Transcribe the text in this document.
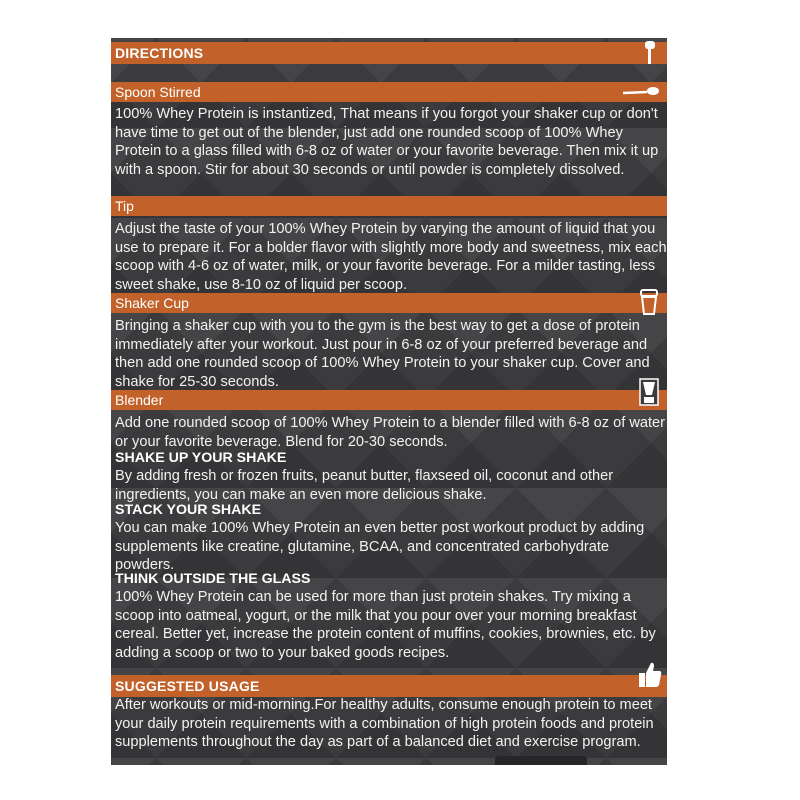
DIRECTIONS
Spoon Stirred

100% Whey Protein is instantized, That means if you forgot your shaker cup or don't have time to get out of the blender, just add one rounded scoop of 100% Whey Protein to a glass filled with 6-8 oz of water or your favorite beverage. Then mix it up with a spoon. Stir for about 30 seconds or until powder is completely dissolved.

Tip

Adjust the taste of your 100% Whey Protein by varying the amount of liquid that you use to prepare it. For a bolder flavor with slightly more body and sweetness, mix each scoop with 4-6 oz of water, milk, or your favorite beverage. For a milder tasting, less sweet shake, use 8-10 oz of liquid per scoop.

Shaker Cup

Bringing a shaker cup with you to the gym is the best way to get a dose of protein immediately after your workout. Just pour in 6-8 oz of your preferred beverage and then add one rounded scoop of 100% Whey Protein to your shaker cup. Cover and shake for 25-30 seconds.

Blender

Add one rounded scoop of 100% Whey Protein to a blender filled with 6-8 oz of water or your favorite beverage. Blend for 20-30 seconds.

SHAKE UP YOUR SHAKE

By adding fresh or frozen fruits, peanut butter, flaxseed oil, coconut and other ingredients, you can make an even more delicious shake.

STACK YOUR SHAKE

You can make 100% Whey Protein an even better post workout product by adding supplements like creatine, glutamine, BCAA, and concentrated carbohydrate powders.

THINK OUTSIDE THE GLASS

100% Whey Protein can be used for more than just protein shakes. Try mixing a scoop into oatmeal, yogurt, or the milk that you pour over your morning breakfast cereal. Better yet, increase the protein content of muffins, cookies, brownies, etc. by adding a scoop or two to your baked goods recipes.

SUGGESTED USAGE

After workouts or mid-morning.For healthy adults, consume enough protein to meet your daily protein requirements with a combination of high protein foods and protein supplements throughout the day as part of a balanced diet and exercise program.
